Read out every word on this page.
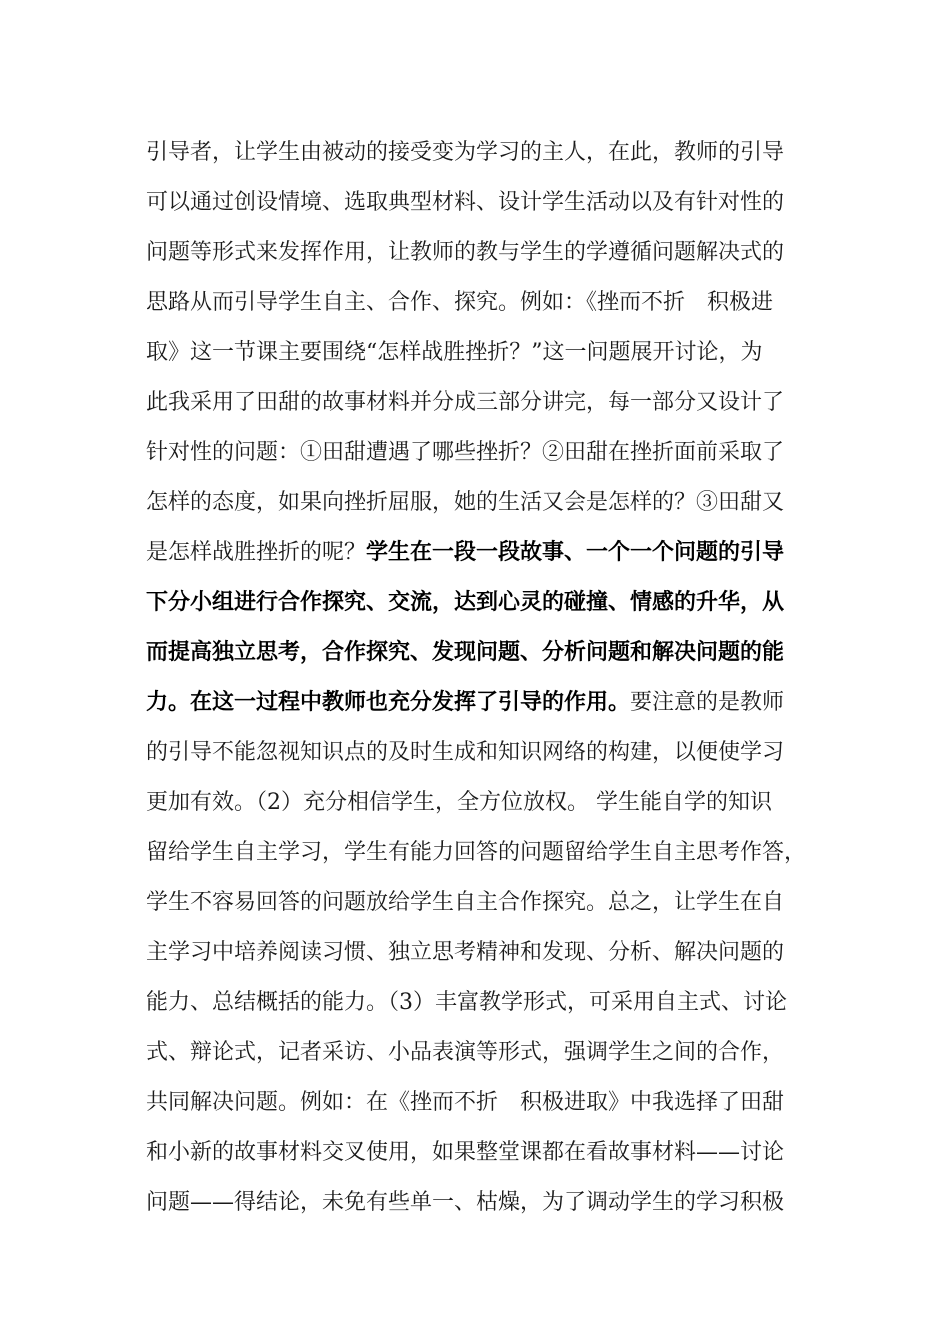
引导者，让学生由被动的接受变为学习的主人，在此，教师的引导
可以通过创设情境、选取典型材料、设计学生活动以及有针对性的
问题等形式来发挥作用，让教师的教与学生的学遵循问题解决式的
思路从而引导学生自主、合作、探究。例如：《挫而不折　积极进
取》这一节课主要围绕“怎样战胜挫折？”这一问题展开讨论，为
此我采用了田甜的故事材料并分成三部分讲完，每一部分又设计了
针对性的问题：①田甜遭遇了哪些挫折？②田甜在挫折面前采取了
怎样的态度，如果向挫折屈服，她的生活又会是怎样的？③田甜又
是怎样战胜挫折的呢？学生在一段一段故事、一个一个问题的引导
下分小组进行合作探究、交流，达到心灵的碰撞、情感的升华，从
而提高独立思考，合作探究、发现问题、分析问题和解决问题的能
力。在这一过程中教师也充分发挥了引导的作用。要注意的是教师
的引导不能忽视知识点的及时生成和知识网络的构建，以便使学习
更加有效。（2）充分相信学生，全方位放权。 学生能自学的知识
留给学生自主学习，学生有能力回答的问题留给学生自主思考作答，
学生不容易回答的问题放给学生自主合作探究。总之，让学生在自
主学习中培养阅读习惯、独立思考精神和发现、分析、解决问题的
能力、总结概括的能力。（3）丰富教学形式，可采用自主式、讨论
式、辩论式，记者采访、小品表演等形式，强调学生之间的合作，
共同解决问题。例如：在《挫而不折　积极进取》中我选择了田甜
和小新的故事材料交叉使用，如果整堂课都在看故事材料——讨论
问题——得结论，未免有些单一、枯燥，为了调动学生的学习积极
